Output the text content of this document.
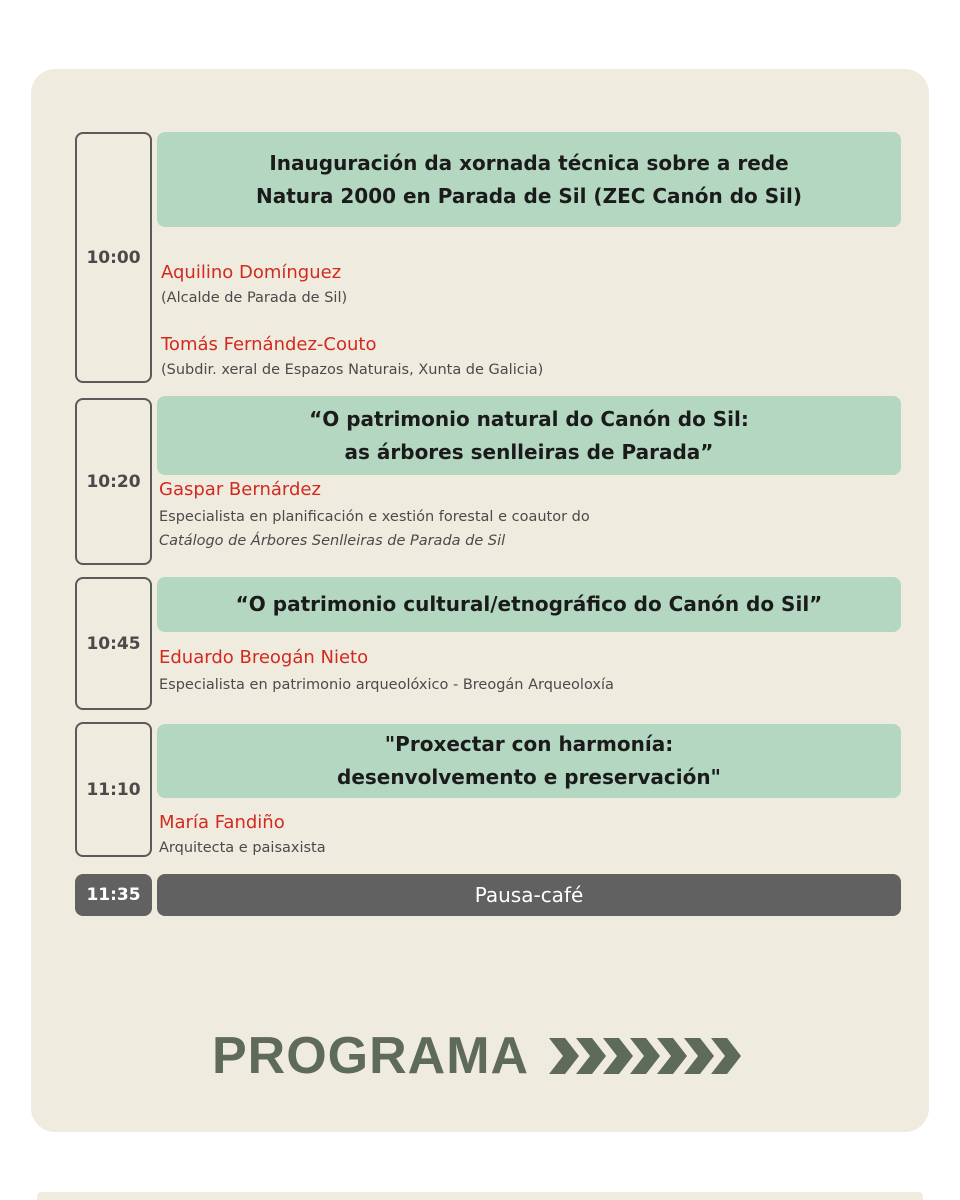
10:00
Inauguración da xornada técnica sobre a rede
Natura 2000 en Parada de Sil (ZEC Canón do Sil)
Aquilino Domínguez
(Alcalde de Parada de Sil)
Tomás Fernández-Couto
(Subdir. xeral de Espazos Naturais, Xunta de Galicia)
10:20
“O patrimonio natural do Canón do Sil:
as árbores senlleiras de Parada”
Gaspar Bernárdez
Especialista en planificación e xestión forestal e coautor do
Catálogo de Árbores Senlleiras de Parada de Sil
10:45
“O patrimonio cultural/etnográfico do Canón do Sil”
Eduardo Breogán Nieto
Especialista en patrimonio arqueolóxico - Breogán Arqueoloxía
11:10
"Proxectar con harmonía:
desenvolvemento e preservación"
María Fandiño
Arquitecta e paisaxista
11:35	Pausa-café
PROGRAMA
